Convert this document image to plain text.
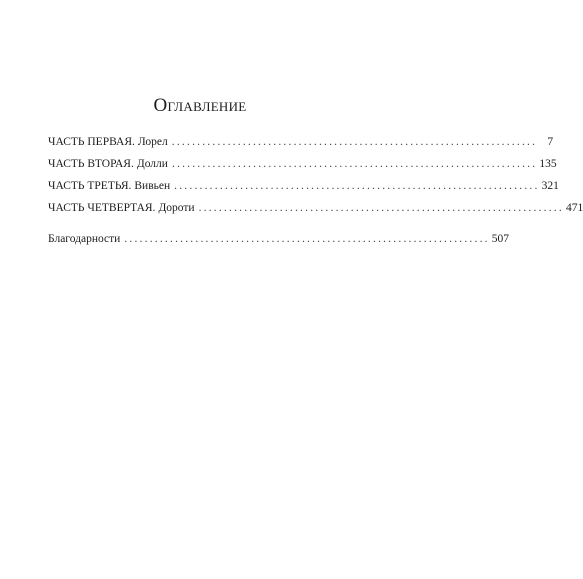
Оглавление
ЧАСТЬ ПЕРВАЯ. Лорел ........................................................................ 7
ЧАСТЬ ВТОРАЯ. Долли ........................................................................ 135
ЧАСТЬ ТРЕТЬЯ. Вивьен ........................................................................ 321
ЧАСТЬ ЧЕТВЕРТАЯ. Дороти ........................................................................ 471
Благодарности ........................................................................ 507
